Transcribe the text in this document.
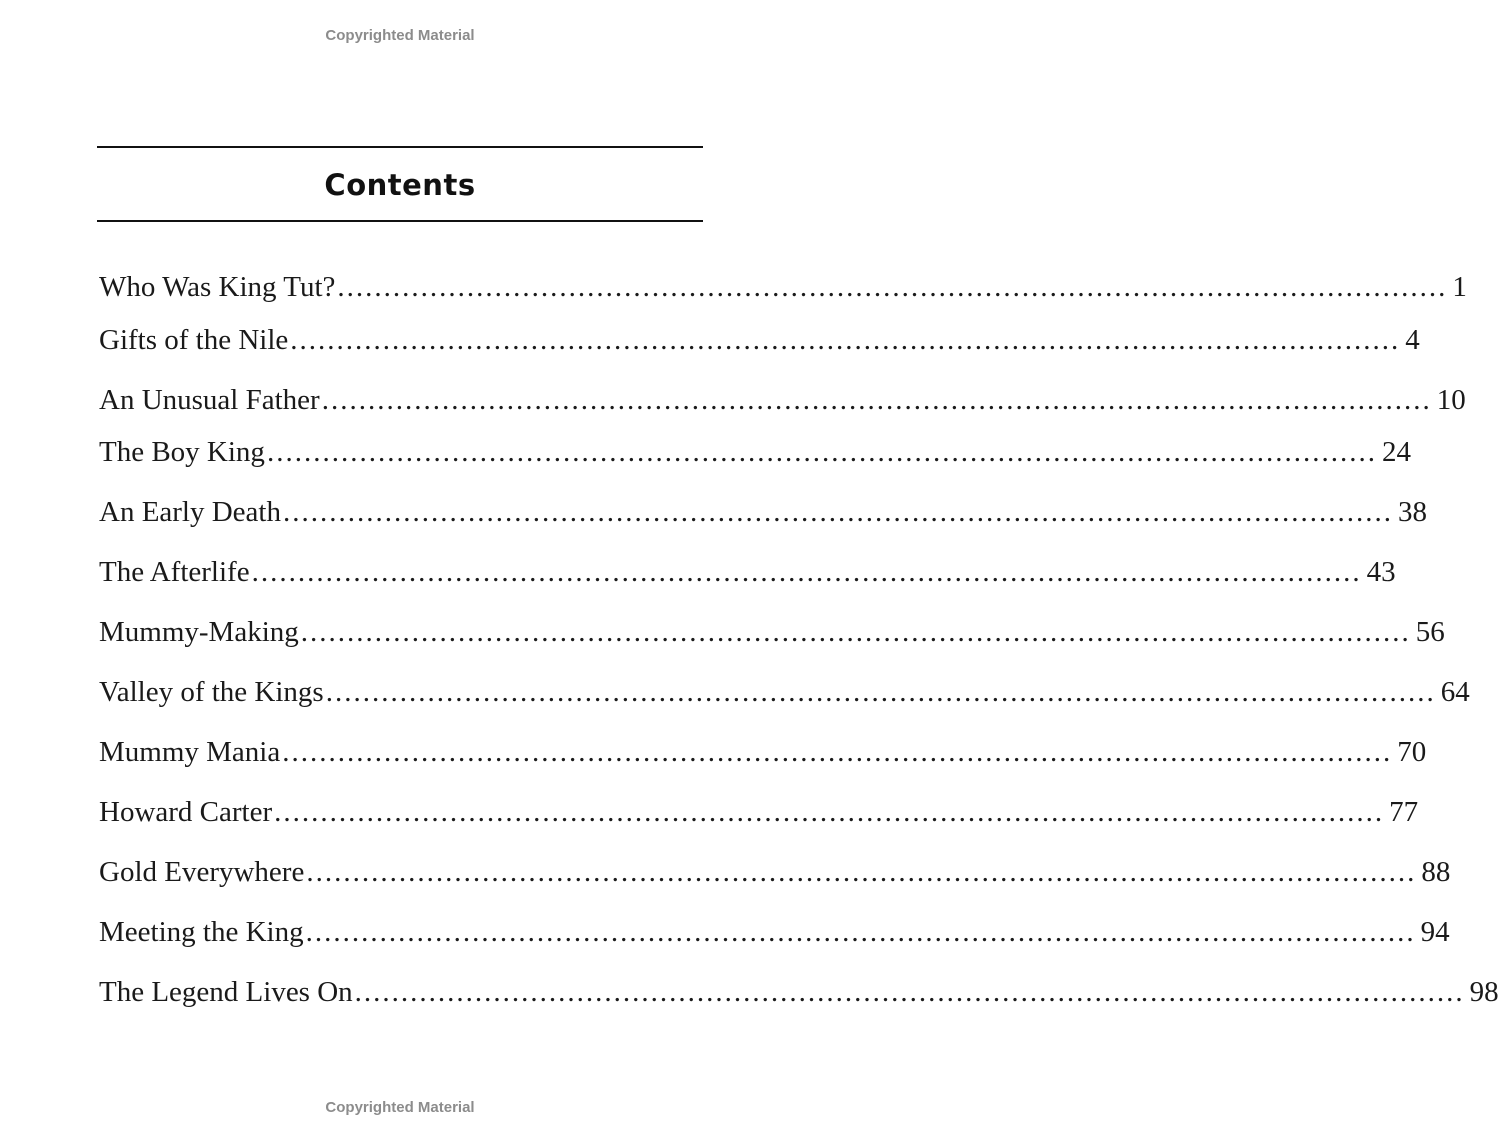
Copyrighted Material
Contents
Who Was King Tut? ........................................................................................................................ 1
Gifts of the Nile ........................................................................................................................ 4
An Unusual Father ........................................................................................................................ 10
The Boy King ........................................................................................................................ 24
An Early Death ........................................................................................................................ 38
The Afterlife ........................................................................................................................ 43
Mummy-Making ........................................................................................................................ 56
Valley of the Kings ........................................................................................................................ 64
Mummy Mania ........................................................................................................................ 70
Howard Carter ........................................................................................................................ 77
Gold Everywhere ........................................................................................................................ 88
Meeting the King ........................................................................................................................ 94
The Legend Lives On ........................................................................................................................ 98
Copyrighted Material
